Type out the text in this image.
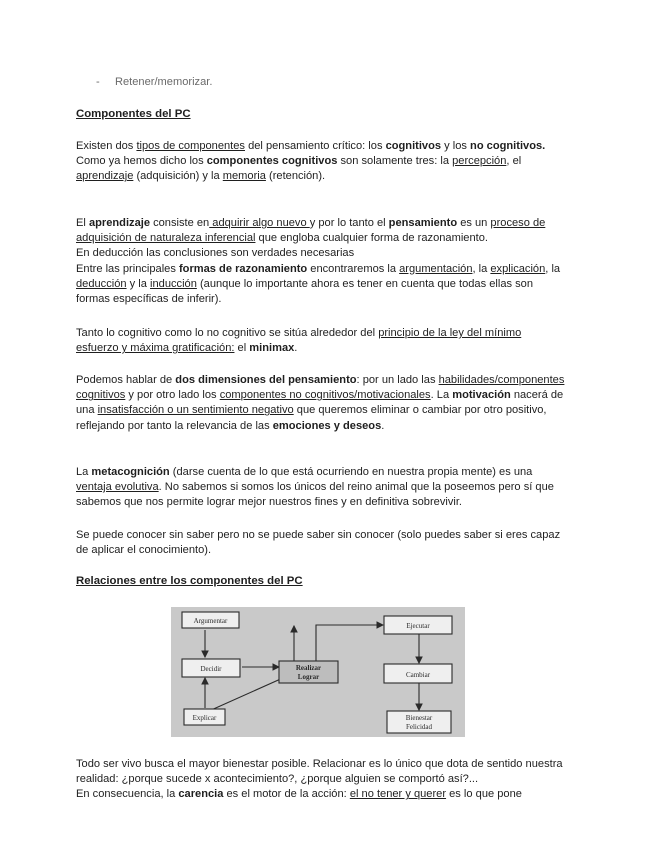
- Retener/memorizar.

Componentes del PC

Existen dos tipos de componentes del pensamiento crítico: los cognitivos y los no cognitivos.
Como ya hemos dicho los componentes cognitivos son solamente tres: la percepción, el aprendizaje (adquisición) y la memoria (retención).

El aprendizaje consiste en adquirir algo nuevo y por lo tanto el pensamiento es un proceso de adquisición de naturaleza inferencial que engloba cualquier forma de razonamiento.
En deducción las conclusiones son verdades necesarias
Entre las principales formas de razonamiento encontraremos la argumentación, la explicación, la deducción y la inducción (aunque lo importante ahora es tener en cuenta que todas ellas son formas específicas de inferir).

Tanto lo cognitivo como lo no cognitivo se sitúa alrededor del principio de la ley del mínimo esfuerzo y máxima gratificación: el minimax.

Podemos hablar de dos dimensiones del pensamiento: por un lado las habilidades/componentes cognitivos y por otro lado los componentes no cognitivos/motivacionales. La motivación nacerá de una insatisfacción o un sentimiento negativo que queremos eliminar o cambiar por otro positivo, reflejando por tanto la relevancia de las emociones y deseos.

La metacognición (darse cuenta de lo que está ocurriendo en nuestra propia mente) es una ventaja evolutiva. No sabemos si somos los únicos del reino animal que la poseemos pero sí que sabemos que nos permite lograr mejor nuestros fines y en definitiva sobrevivir.

Se puede conocer sin saber pero no se puede saber sin conocer (solo puedes saber si eres capaz de aplicar el conocimiento).

Relaciones entre los componentes del PC

Argumentar
Decidir
Explicar
Realizar
Lograr
Ejecutar
Cambiar
Bienestar
Felicidad

Todo ser vivo busca el mayor bienestar posible. Relacionar es lo único que dota de sentido nuestra realidad: ¿porque sucede x acontecimiento?, ¿porque alguien se comportó así?...
En consecuencia, la carencia es el motor de la acción: el no tener y querer es lo que pone
